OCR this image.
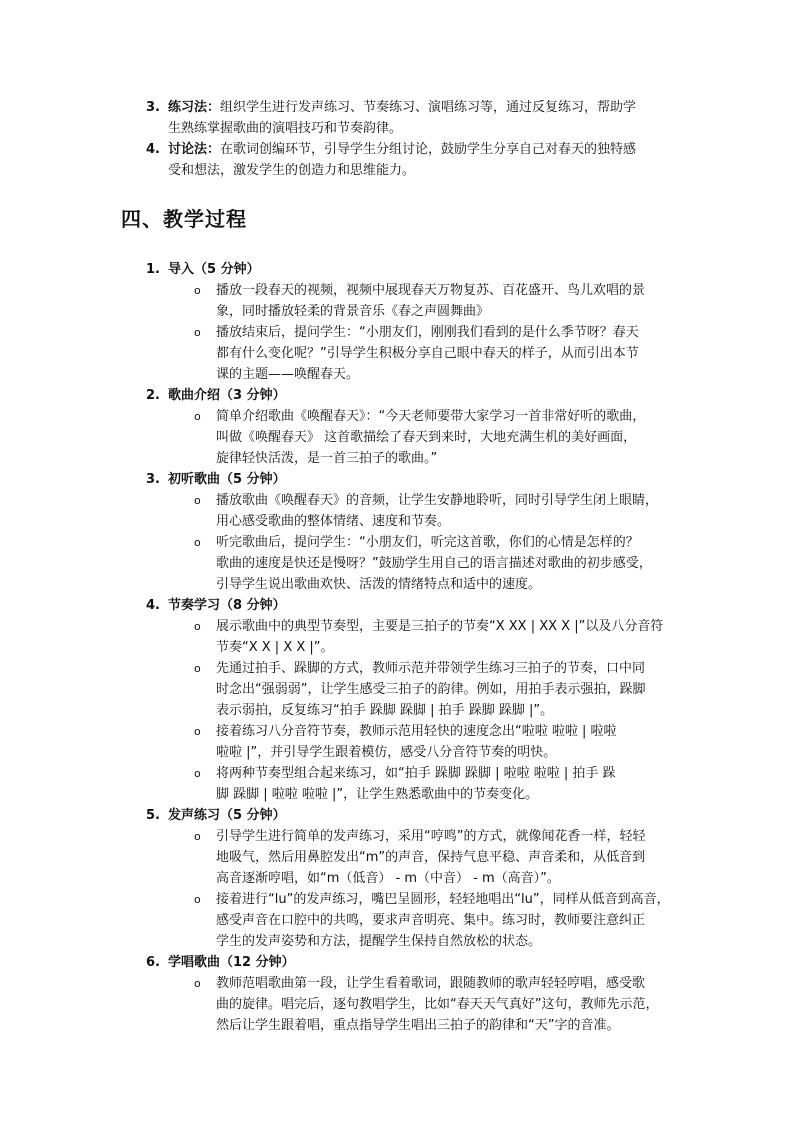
3. 练习法：组织学生进行发声练习、节奏练习、演唱练习等，通过反复练习，帮助学
生熟练掌握歌曲的演唱技巧和节奏韵律。
4. 讨论法：在歌词创编环节，引导学生分组讨论，鼓励学生分享自己对春天的独特感
受和想法，激发学生的创造力和思维能力。
四、教学过程
1. 导入（5 分钟）
o 播放一段春天的视频，视频中展现春天万物复苏、百花盛开、鸟儿欢唱的景
象，同时播放轻柔的背景音乐《春之声圆舞曲》
o 播放结束后，提问学生：“小朋友们，刚刚我们看到的是什么季节呀？春天
都有什么变化呢？”引导学生积极分享自己眼中春天的样子，从而引出本节
课的主题——唤醒春天。
2. 歌曲介绍（3 分钟）
o 简单介绍歌曲《唤醒春天》：“今天老师要带大家学习一首非常好听的歌曲，
叫做《唤醒春天》 这首歌描绘了春天到来时，大地充满生机的美好画面，
旋律轻快活泼，是一首三拍子的歌曲。”
3. 初听歌曲（5 分钟）
o 播放歌曲《唤醒春天》的音频，让学生安静地聆听，同时引导学生闭上眼睛，
用心感受歌曲的整体情绪、速度和节奏。
o 听完歌曲后，提问学生：“小朋友们，听完这首歌，你们的心情是怎样的？
歌曲的速度是快还是慢呀？”鼓励学生用自己的语言描述对歌曲的初步感受，
引导学生说出歌曲欢快、活泼的情绪特点和适中的速度。
4. 节奏学习（8 分钟）
o 展示歌曲中的典型节奏型，主要是三拍子的节奏“X XX | XX X |”以及八分音符
节奏“X X | X X |”。
o 先通过拍手、跺脚的方式，教师示范并带领学生练习三拍子的节奏，口中同
时念出“强弱弱”，让学生感受三拍子的韵律。例如，用拍手表示强拍，跺脚
表示弱拍，反复练习“拍手 跺脚 跺脚 | 拍手 跺脚 跺脚 |”。
o 接着练习八分音符节奏，教师示范用轻快的速度念出“啦啦 啦啦 | 啦啦
啦啦 |”，并引导学生跟着模仿，感受八分音符节奏的明快。
o 将两种节奏型组合起来练习，如“拍手 跺脚 跺脚 | 啦啦 啦啦 | 拍手 跺
脚 跺脚 | 啦啦 啦啦 |”，让学生熟悉歌曲中的节奏变化。
5. 发声练习（5 分钟）
o 引导学生进行简单的发声练习，采用“哼鸣”的方式，就像闻花香一样，轻轻
地吸气，然后用鼻腔发出“m”的声音，保持气息平稳、声音柔和，从低音到
高音逐渐哼唱，如“m（低音） - m（中音） - m（高音）”。
o 接着进行“lu”的发声练习，嘴巴呈圆形，轻轻地唱出“lu”，同样从低音到高音，
感受声音在口腔中的共鸣，要求声音明亮、集中。练习时，教师要注意纠正
学生的发声姿势和方法，提醒学生保持自然放松的状态。
6. 学唱歌曲（12 分钟）
o 教师范唱歌曲第一段，让学生看着歌词，跟随教师的歌声轻轻哼唱，感受歌
曲的旋律。唱完后，逐句教唱学生，比如“春天天气真好”这句，教师先示范，
然后让学生跟着唱，重点指导学生唱出三拍子的韵律和“天”字的音准。
